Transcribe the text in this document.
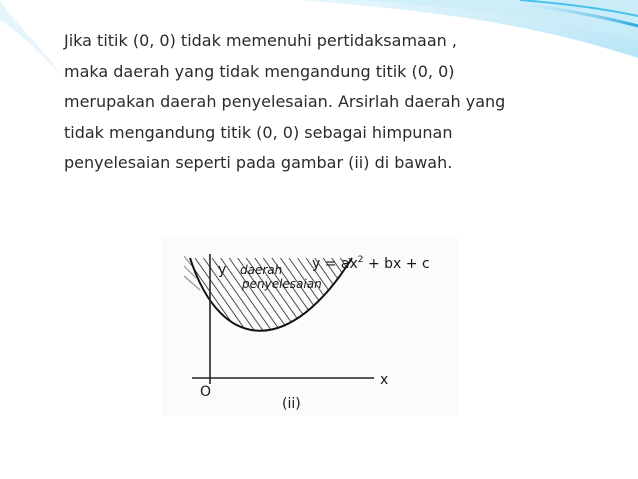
Jika titik (0, 0) tidak memenuhi pertidaksamaan ,
maka daerah yang tidak mengandung titik (0, 0)
merupakan daerah penyelesaian. Arsirlah daerah yang
tidak mengandung titik (0, 0) sebagai himpunan
penyelesaian seperti pada gambar (ii) di bawah.

y
x
O
daerah
penyelesaian
$y = ax^2$ + bx + c
(ii)
